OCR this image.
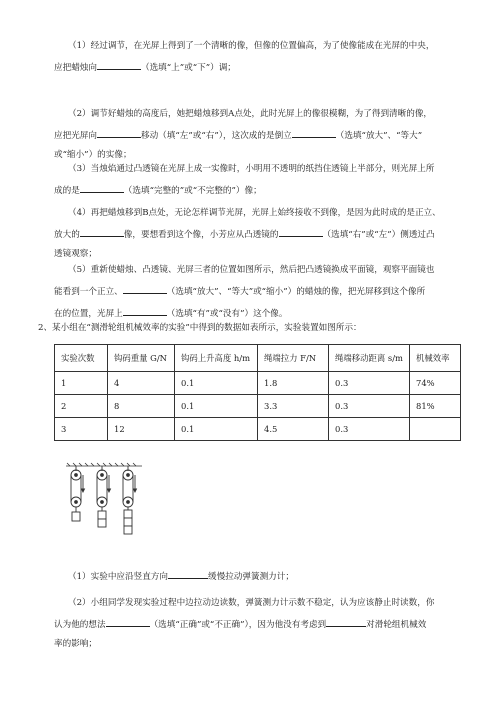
（1）经过调节，在光屏上得到了一个清晰的像，但像的位置偏高，为了使像能成在光屏的中央，

应把蜡烛向	（选填“上”或“下”）调；

（2）调节好蜡烛的高度后，她把蜡烛移到A点处，此时光屏上的像很模糊，为了得到清晰的像，

应把光屏向	移动（填“左”或“右”），这次成的是倒立	（选填“放大”、“等大”

或“缩小”）的实像；

（3）当烛焰通过凸透镜在光屏上成一实像时，小明用不透明的纸挡住透镜上半部分，则光屏上所

成的是	（选填“完整的”或“不完整的”）像；

（4）再把蜡烛移到B点处，无论怎样调节光屏，光屏上始终接收不到像，是因为此时成的是正立、

放大的	像，要想看到这个像，小芳应从凸透镜的	（选填“右”或“左”）侧透过凸

透镜观察；

（5）重新使蜡烛、凸透镜、光屏三者的位置如图所示，然后把凸透镜换成平面镜，观察平面镜也

能看到一个正立、	（选填“放大”、“等大”或“缩小”）的蜡烛的像，把光屏移到这个像所

在的位置，光屏上	（选填“有”或“没有”）这个像。

2、某小组在“测滑轮组机械效率的实验”中得到的数据如表所示，实验装置如图所示：
实验次数	钩码重量 G/N	钩码上升高度 h/m	绳端拉力 F/N	绳端移动距离 s/m	机械效率
1	4	0.1	1.8	0.3	74%
2	8	0.1	3.3	0.3	81%
3	12	0.1	4.5	0.3	

（1）实验中应沿竖直方向	缓慢拉动弹簧测力计；

（2）小组同学发现实验过程中边拉动边读数，弹簧测力计示数不稳定，认为应该静止时读数，你

认为他的想法	（选填“正确”或“不正确”），因为他没有考虑到	对滑轮组机械效

率的影响；
